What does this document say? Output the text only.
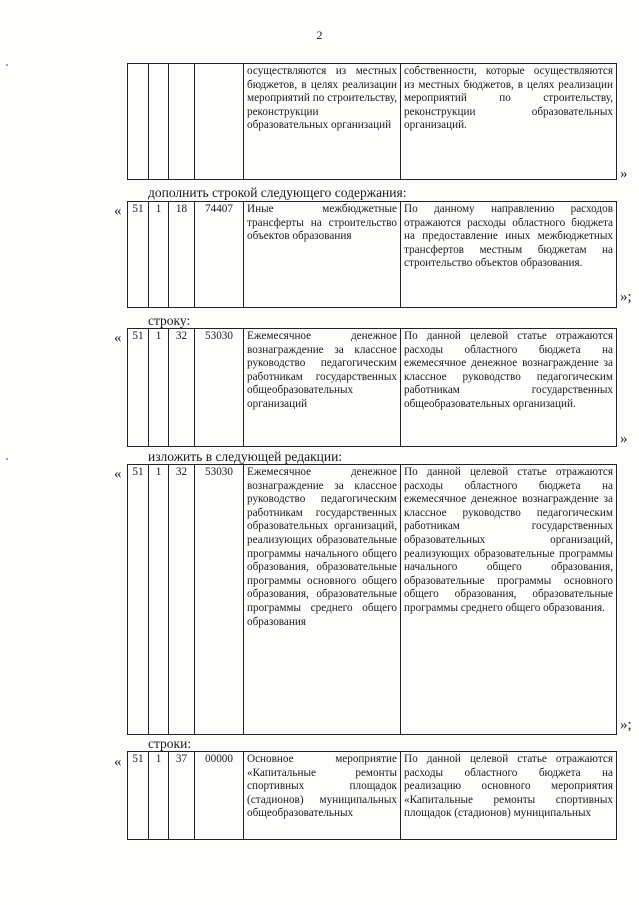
2
				осуществляются из местных бюджетов, в целях реализации мероприятий по строительству, реконструкции образовательных организаций	собственности, которые осуществляются из местных бюджетов, в целях реализации мероприятий по строительству, реконструкции образовательных организаций.
»
дополнить строкой следующего содержания:
« 51	1	18	74407	Иные межбюджетные трансферты на строительство объектов образования	По данному направлению расходов отражаются расходы областного бюджета на предоставление иных межбюджетных трансфертов местным бюджетам на строительство объектов образования.
»;
строку:
« 51	1	32	53030	Ежемесячное денежное вознаграждение за классное руководство педагогическим работникам государственных общеобразовательных организаций	По данной целевой статье отражаются расходы областного бюджета на ежемесячное денежное вознаграждение за классное руководство педагогическим работникам государственных общеобразовательных организаций.
»
изложить в следующей редакции:
« 51	1	32	53030	Ежемесячное денежное вознаграждение за классное руководство педагогическим работникам государственных образовательных организаций, реализующих образовательные программы начального общего образования, образовательные программы основного общего образования, образовательные программы среднего общего образования	По данной целевой статье отражаются расходы областного бюджета на ежемесячное денежное вознаграждение за классное руководство педагогическим работникам государственных образовательных организаций, реализующих образовательные программы начального общего образования, образовательные программы основного общего образования, образовательные программы среднего общего образования.
»;
строки:
« 51	1	37	00000	Основное мероприятие «Капитальные ремонты спортивных площадок (стадионов) муниципальных общеобразовательных	По данной целевой статье отражаются расходы областного бюджета на реализацию основного мероприятия «Капитальные ремонты спортивных площадок (стадионов) муниципальных
